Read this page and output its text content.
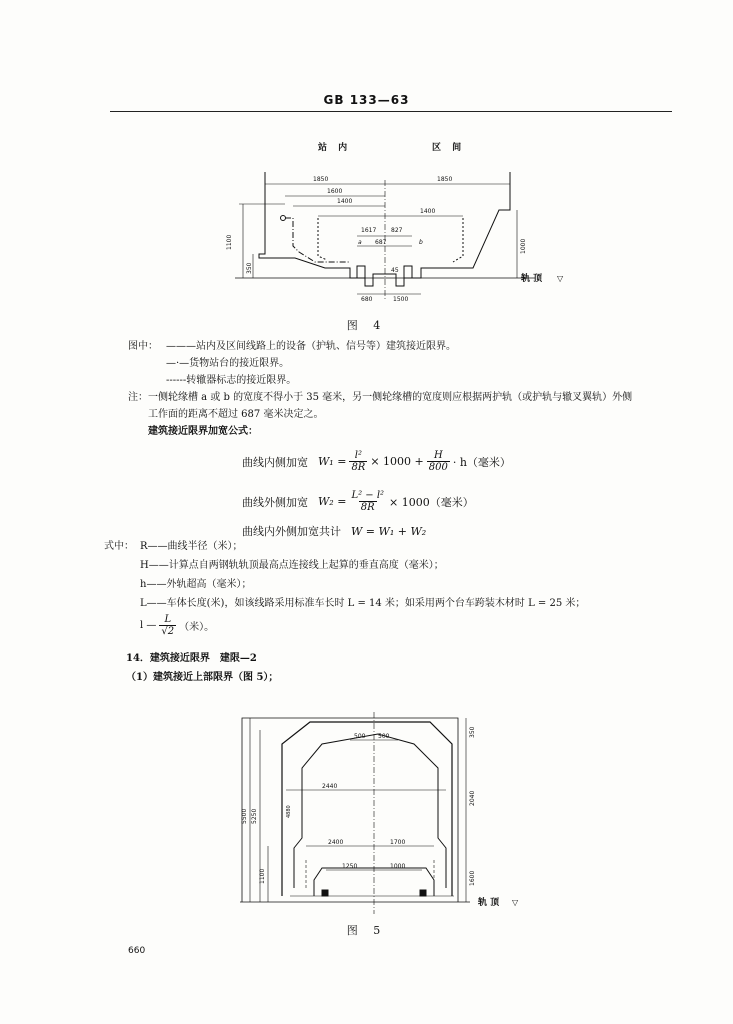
GB 133—63
站 内	区 间
1850	1850
1600
1400
1400
1617 827
687
a	b
45
680	1500
1100
350
1000
轨 顶 ▽
图 4
图中： ———站内及区间线路上的设备（护轨、信号等）建筑接近限界。
—·—货物站台的接近限界。
------转辙器标志的接近限界。
注： 一侧轮缘槽 a 或 b 的宽度不得小于 35 毫米，另一侧轮缘槽的宽度则应根据两护轨（或护轨与辙叉翼轨）外侧
工作面的距离不超过 687 毫米决定之。
建筑接近限界加宽公式：
曲线内侧加宽 $W_1 = \frac{\text{l²}}{8R} \times 1000 + \frac{H}{800} \cdot h$（毫米）
曲线外侧加宽 $W_2 = \frac{\text{L² − l²}}{8R} \times 1000$（毫米）
曲线内外侧加宽共计 W = W₁ + W₂
式中： R——曲线半径（米）；
H——计算点自两钢轨轨顶最高点连接线上起算的垂直高度（毫米）；
h——外轨超高（毫米）；
L——车体长度(米)，如该线路采用标准车长时 L = 14 米；如采用两个台车跨装木材时 L = 25 米；
l — $\frac{L}{√2}$ （米）。
14．建筑接近限界　建限—2
（1）建筑接近上部限界（图 5）；
500 500
2440
2400	1700
1250	1000
5500 5250
1100
350
2040
1600
4880
轨 顶 ▽
图 5
660
